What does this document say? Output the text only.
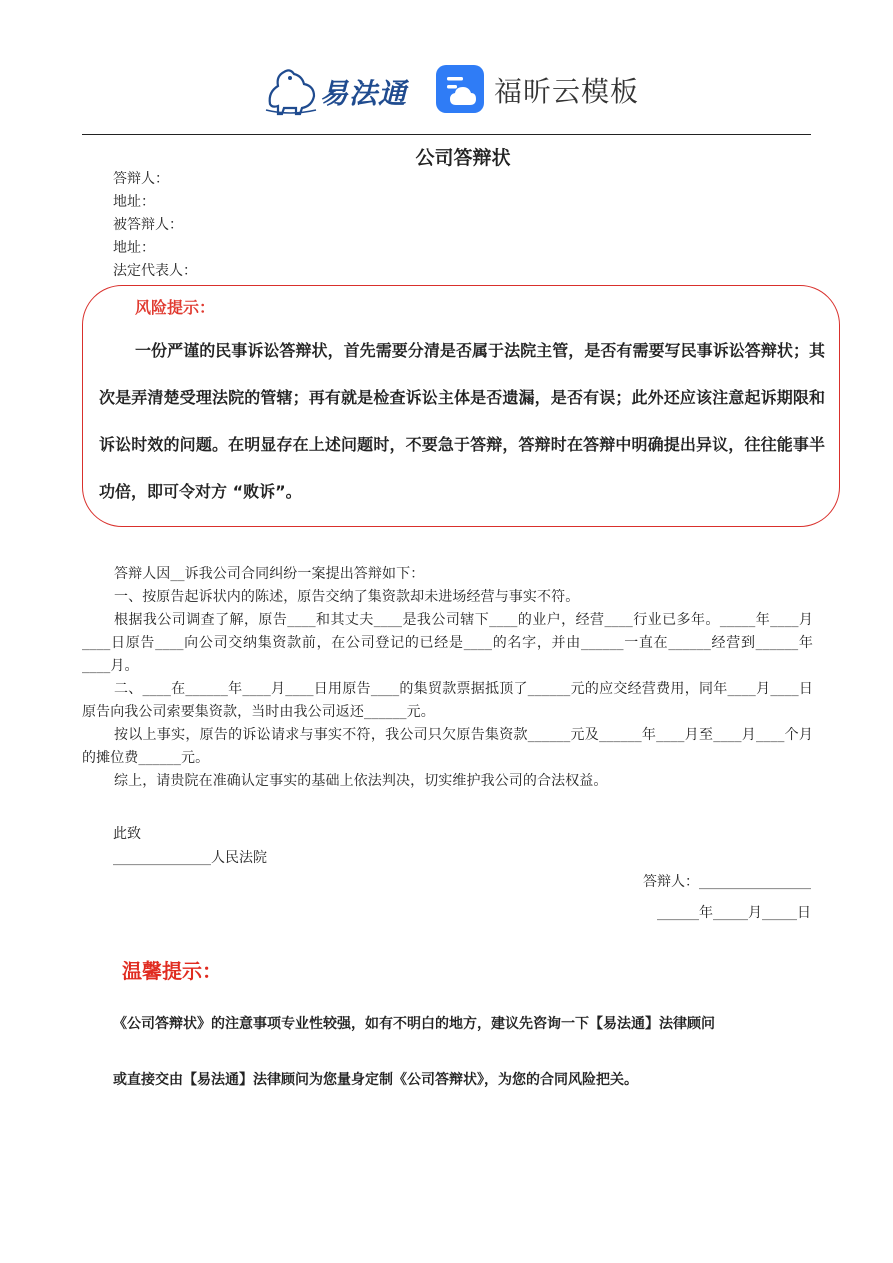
易法通	福昕云模板
公司答辩状
答辩人：
地址：
被答辩人：
地址：
法定代表人：
风险提示：
一份严谨的民事诉讼答辩状，首先需要分清是否属于法院主管，是否有需要写民事诉讼答辩状；其次是弄清楚受理法院的管辖；再有就是检查诉讼主体是否遗漏，是否有误；此外还应该注意起诉期限和诉讼时效的问题。在明显存在上述问题时，不要急于答辩，答辩时在答辩中明确提出异议，往往能事半功倍，即可令对方 “败诉”。

答辩人因__诉我公司合同纠纷一案提出答辩如下：

一、按原告起诉状内的陈述，原告交纳了集资款却未进场经营与事实不符。

根据我公司调查了解，原告____和其丈夫____是我公司辖下____的业户，经营____行业已多年。_____年____月____日原告____向公司交纳集资款前，在公司登记的已经是____的名字，并由______一直在______经营到______年____月。

二、____在______年____月____日用原告____的集贸款票据抵顶了______元的应交经营费用，同年____月____日原告向我公司索要集资款，当时由我公司返还______元。

按以上事实，原告的诉讼请求与事实不符，我公司只欠原告集资款______元及______年____月至____月____个月的摊位费______元。

综上，请贵院在准确认定事实的基础上依法判决，切实维护我公司的合法权益。

此致
______________人民法院
答辩人：________________
______年_____月_____日
温馨提示：
《公司答辩状》的注意事项专业性较强，如有不明白的地方，建议先咨询一下【易法通】法律顾问
或直接交由【易法通】法律顾问为您量身定制《公司答辩状》，为您的合同风险把关。
